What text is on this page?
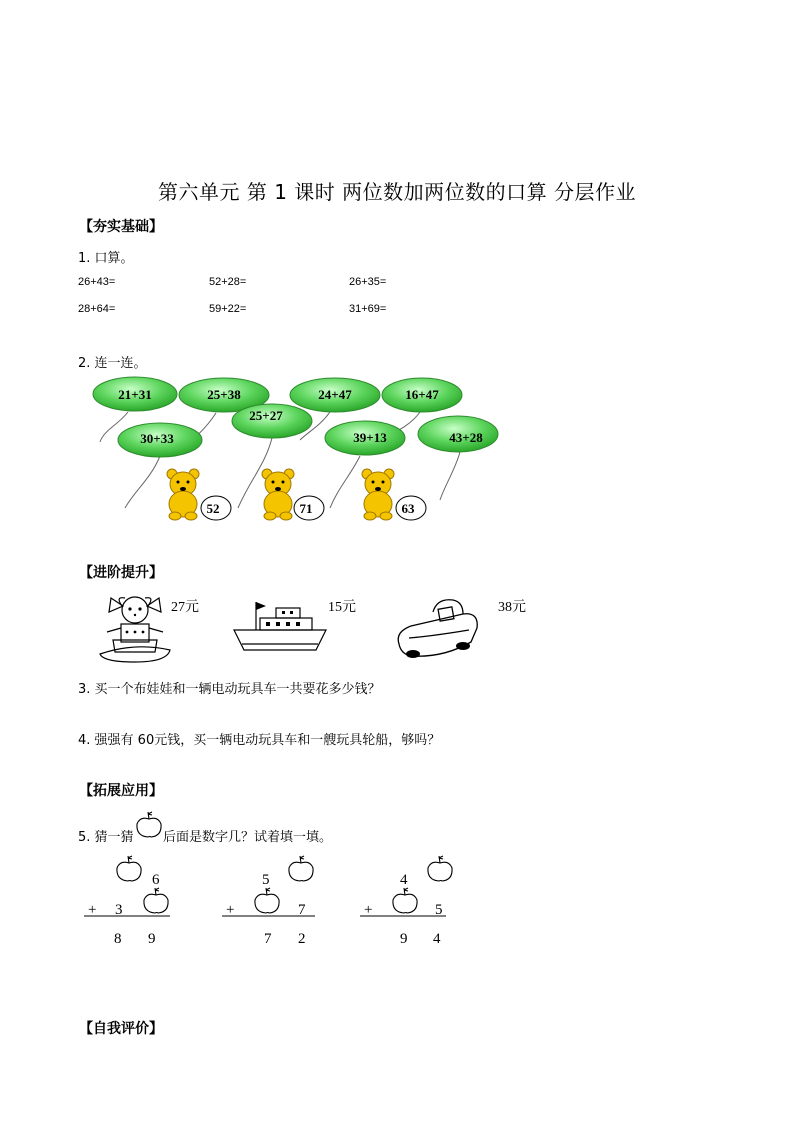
第六单元 第 1 课时 两位数加两位数的口算 分层作业
【夯实基础】
1. 口算。
26+43=	52+28=	26+35=
28+64=	59+22=	31+69=
2. 连一连。
21+31	25+38	24+47	16+47
25+27
30+33	39+13	43+28
52	71	63
【进阶提升】
27元	15元	38元
3. 买一个布娃娃和一辆电动玩具车一共要花多少钱？
4. 强强有 60元钱，买一辆电动玩具车和一艘玩具轮船，够吗？
【拓展应用】
5. 猜一猜 后面是数字几？试着填一填。
6
+ 3
8 9
5
+	7
7 2
4
+	5
9 4
【自我评价】
